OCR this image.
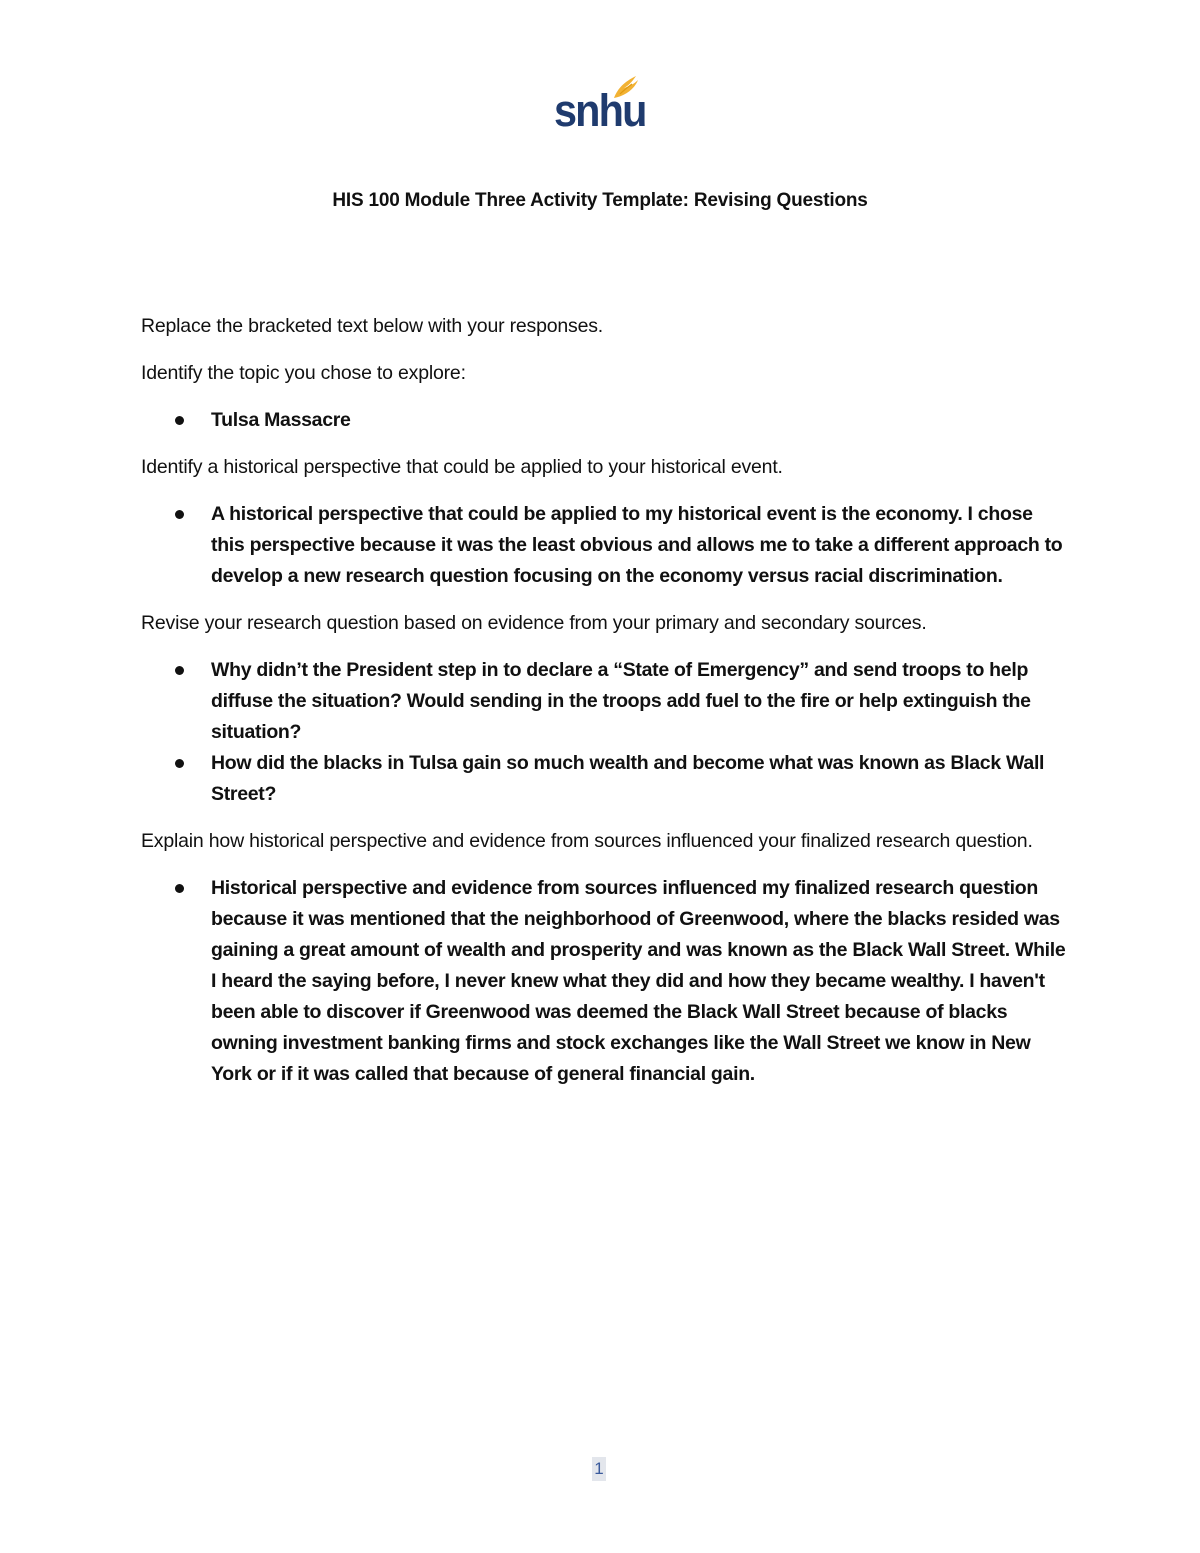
snhu
HIS 100 Module Three Activity Template: Revising Questions

Replace the bracketed text below with your responses.

Identify the topic you chose to explore:

Tulsa Massacre

Identify a historical perspective that could be applied to your historical event.

A historical perspective that could be applied to my historical event is the economy. I chose this perspective because it was the least obvious and allows me to take a different approach to develop a new research question focusing on the economy versus racial discrimination.

Revise your research question based on evidence from your primary and secondary sources.

Why didn’t the President step in to declare a “State of Emergency” and send troops to help diffuse the situation? Would sending in the troops add fuel to the fire or help extinguish the situation?
How did the blacks in Tulsa gain so much wealth and become what was known as Black Wall Street?

Explain how historical perspective and evidence from sources influenced your finalized research question.

Historical perspective and evidence from sources influenced my finalized research question because it was mentioned that the neighborhood of Greenwood, where the blacks resided was gaining a great amount of wealth and prosperity and was known as the Black Wall Street. While I heard the saying before, I never knew what they did and how they became wealthy. I haven't been able to discover if Greenwood was deemed the Black Wall Street because of blacks owning investment banking firms and stock exchanges like the Wall Street we know in New York or if it was called that because of general financial gain.
1
